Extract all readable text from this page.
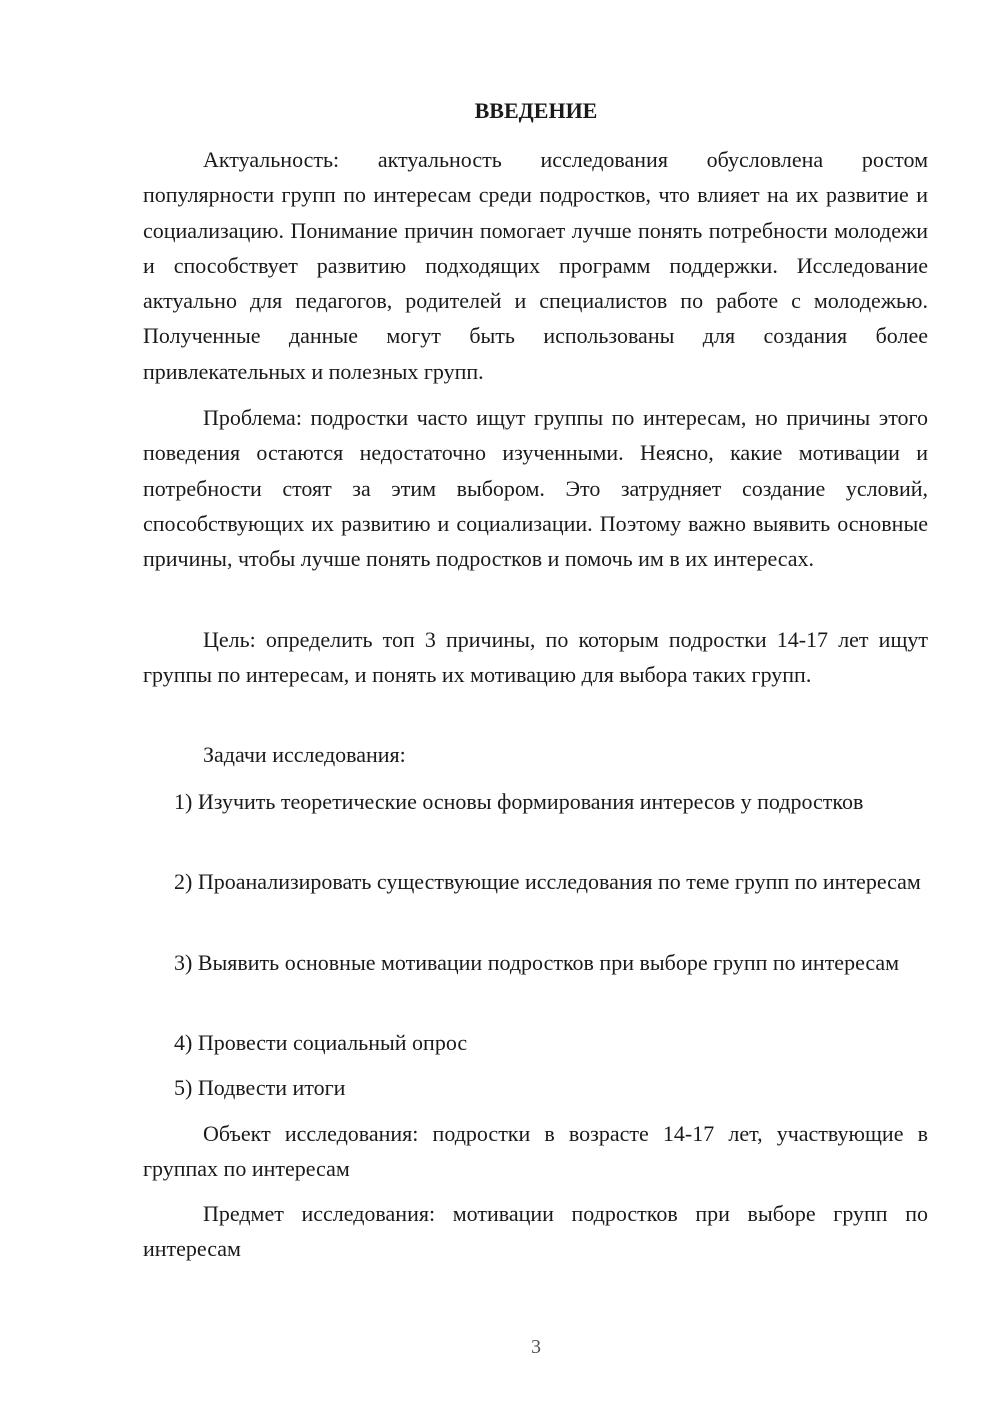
ВВЕДЕНИЕ

Актуальность: актуальность исследования обусловлена ростом популярности групп по интересам среди подростков, что влияет на их развитие и социализацию. Понимание причин помогает лучше понять потребности молодежи и способствует развитию подходящих программ поддержки. Исследование актуально для педагогов, родителей и специалистов по работе с молодежью. Полученные данные могут быть использованы для создания более привлекательных и полезных групп.

Проблема: подростки часто ищут группы по интересам, но причины этого поведения остаются недостаточно изученными. Неясно, какие мотивации и потребности стоят за этим выбором. Это затрудняет создание условий, способствующих их развитию и социализации. Поэтому важно выявить основные причины, чтобы лучше понять подростков и помочь им в их интересах.

Цель: определить топ 3 причины, по которым подростки 14-17 лет ищут группы по интересам, и понять их мотивацию для выбора таких групп.

Задачи исследования:

1) Изучить теоретические основы формирования интересов у подростков

2) Проанализировать существующие исследования по теме групп по интересам

3) Выявить основные мотивации подростков при выборе групп по интересам

4) Провести социальный опрос

5) Подвести итоги

Объект исследования: подростки в возрасте 14-17 лет, участвующие в группах по интересам

Предмет исследования: мотивации подростков при выборе групп по интересам

3
